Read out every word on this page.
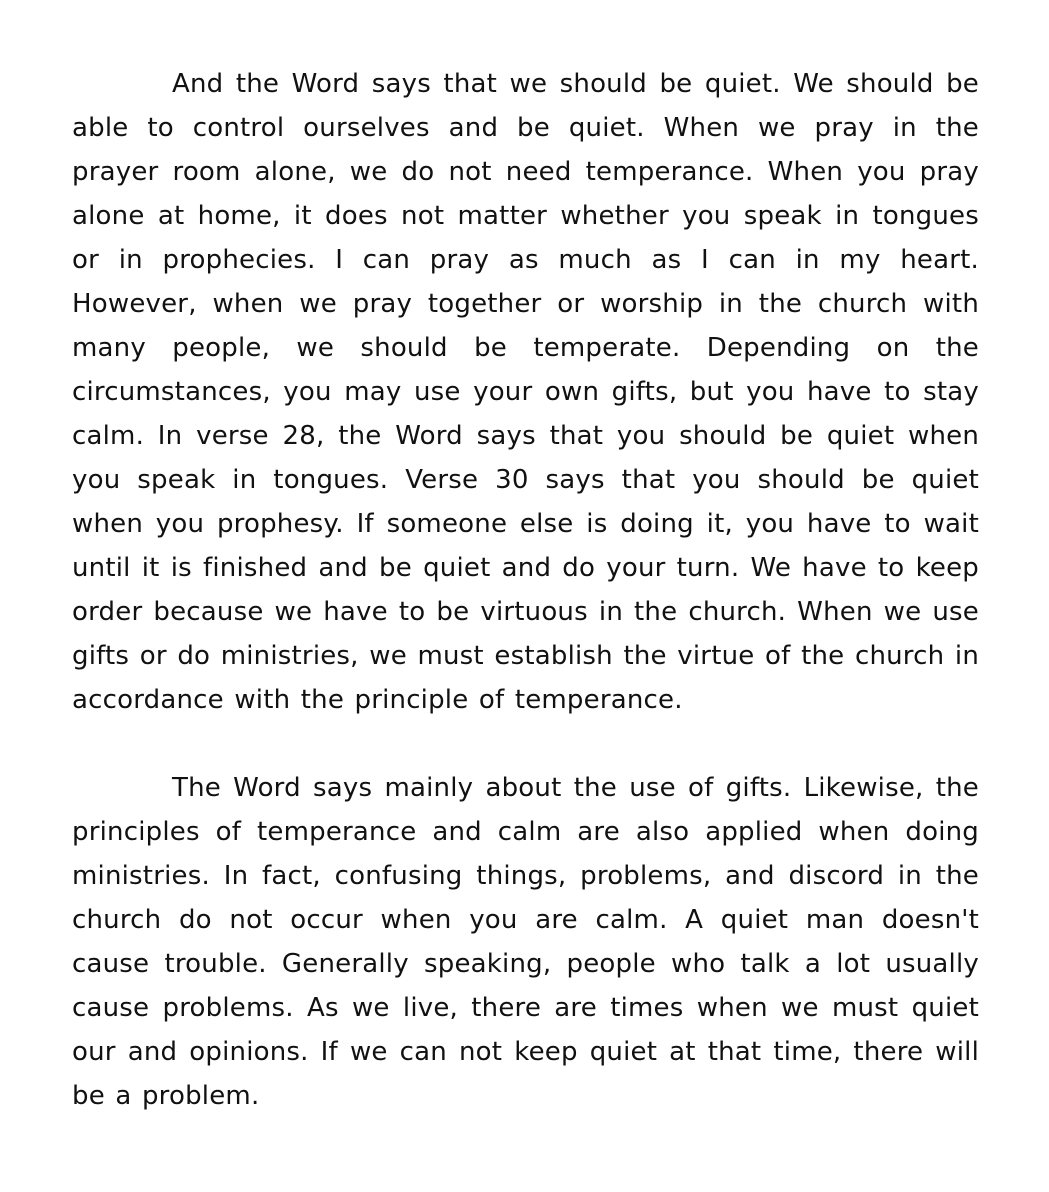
And the Word says that we should be quiet. We should be able to control ourselves and be quiet. When we pray in the prayer room alone, we do not need temperance. When you pray alone at home, it does not matter whether you speak in tongues or in prophecies. I can pray as much as I can in my heart. However, when we pray together or worship in the church with many people, we should be temperate. Depending on the circumstances, you may use your own gifts, but you have to stay calm. In verse 28, the Word says that you should be quiet when you speak in tongues. Verse 30 says that you should be quiet when you prophesy. If someone else is doing it, you have to wait until it is finished and be quiet and do your turn. We have to keep order because we have to be virtuous in the church. When we use gifts or do ministries, we must establish the virtue of the church in accordance with the principle of temperance.

The Word says mainly about the use of gifts. Likewise, the principles of temperance and calm are also applied when doing ministries. In fact, confusing things, problems, and discord in the church do not occur when you are calm. A quiet man doesn't cause trouble. Generally speaking, people who talk a lot usually cause problems. As we live, there are times when we must quiet our and opinions. If we can not keep quiet at that time, there will be a problem.
